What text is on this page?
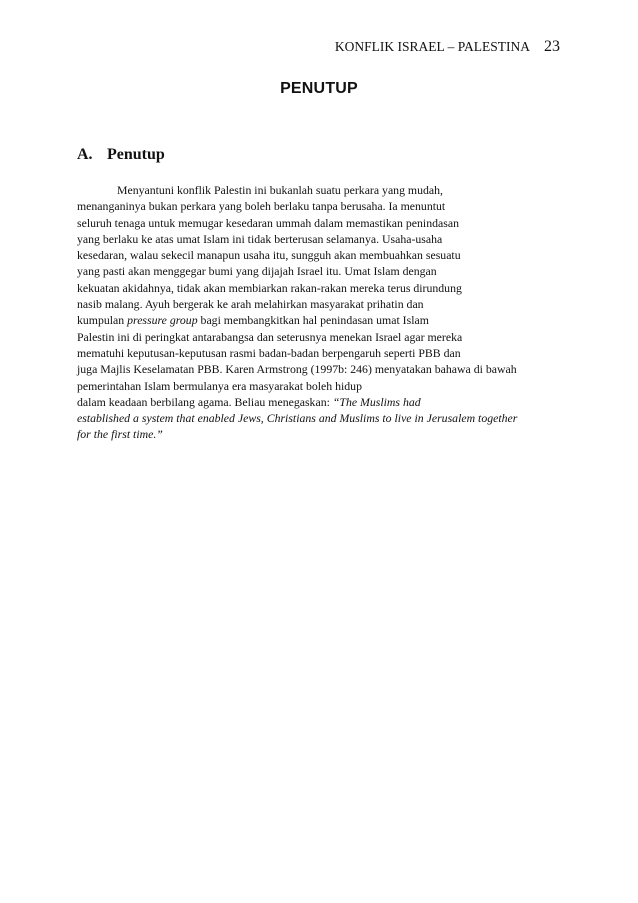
KONFLIK ISRAEL – PALESTINA 23
PENUTUP
A. Penutup
Menyantuni konflik Palestin ini bukanlah suatu perkara yang mudah,
menanganinya bukan perkara yang boleh berlaku tanpa berusaha. Ia menuntut
seluruh tenaga untuk memugar kesedaran ummah dalam memastikan penindasan
yang berlaku ke atas umat Islam ini tidak berterusan selamanya. Usaha-usaha
kesedaran, walau sekecil manapun usaha itu, sungguh akan membuahkan sesuatu
yang pasti akan menggegar bumi yang dijajah Israel itu. Umat Islam dengan
kekuatan akidahnya, tidak akan membiarkan rakan-rakan mereka terus dirundung
nasib malang. Ayuh bergerak ke arah melahirkan masyarakat prihatin dan
kumpulan pressure group bagi membangkitkan hal penindasan umat Islam
Palestin ini di peringkat antarabangsa dan seterusnya menekan Israel agar mereka
mematuhi keputusan-keputusan rasmi badan-badan berpengaruh seperti PBB dan
juga Majlis Keselamatan PBB. Karen Armstrong (1997b: 246) menyatakan bahawa di bawah
pemerintahan Islam bermulanya era masyarakat boleh hidup
dalam keadaan berbilang agama. Beliau menegaskan: “The Muslims had
established a system that enabled Jews, Christians and Muslims to live in Jerusalem together
for the first time.”
